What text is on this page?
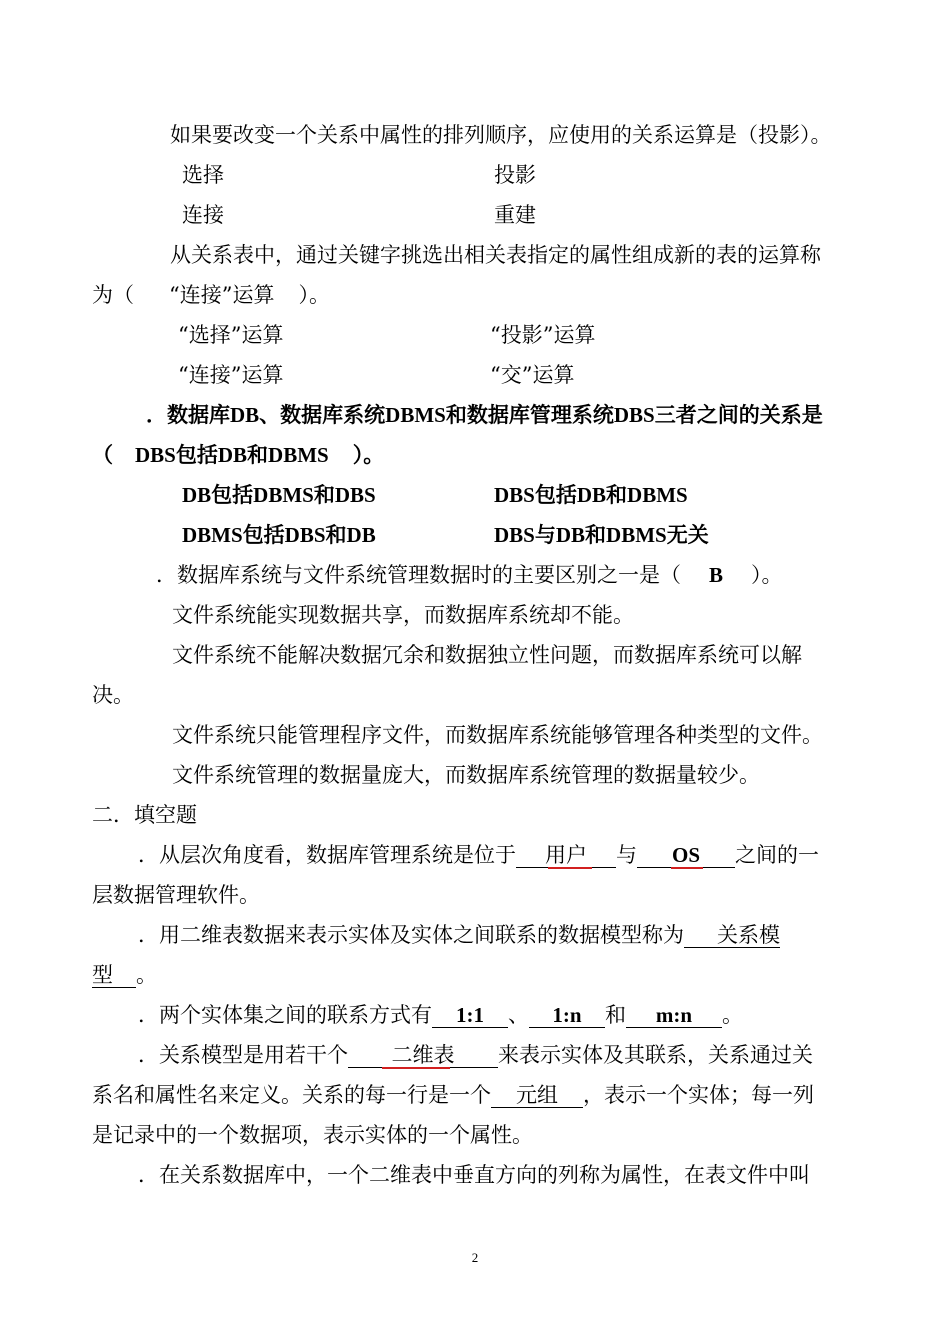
如果要改变一个关系中属性的排列顺序，应使用的关系运算是（投影）。
选择	投影
连接	重建
从关系表中，通过关键字挑选出相关表指定的属性组成新的表的运算称
为（ “连接”运算 ）。
“选择”运算	“投影”运算
“连接”运算	“交”运算
．数据库DB、数据库系统DBMS和数据库管理系统DBS三者之间的关系是
（ DBS包括DB和DBMS ）。
DB包括DBMS和DBS	DBS包括DB和DBMS
DBMS包括DBS和DB	DBS与DB和DBMS无关
．数据库系统与文件系统管理数据时的主要区别之一是（ B ）。
文件系统能实现数据共享，而数据库系统却不能。
文件系统不能解决数据冗余和数据独立性问题，而数据库系统可以解
决。
文件系统只能管理程序文件，而数据库系统能够管理各种类型的文件。
文件系统管理的数据量庞大，而数据库系统管理的数据量较少。
二．填空题
．从层次角度看，数据库管理系统是位于 用户 与 OS 之间的一
层数据管理软件。
．用二维表数据来表示实体及实体之间联系的数据模型称为 关系模
型 。
．两个实体集之间的联系方式有 1:1 、 1:n 和 m:n 。
．关系模型是用若干个 二维表 来表示实体及其联系，关系通过关
系名和属性名来定义。关系的每一行是一个 元组 ，表示一个实体；每一列
是记录中的一个数据项，表示实体的一个属性。
．在关系数据库中，一个二维表中垂直方向的列称为属性，在表文件中叫
2
